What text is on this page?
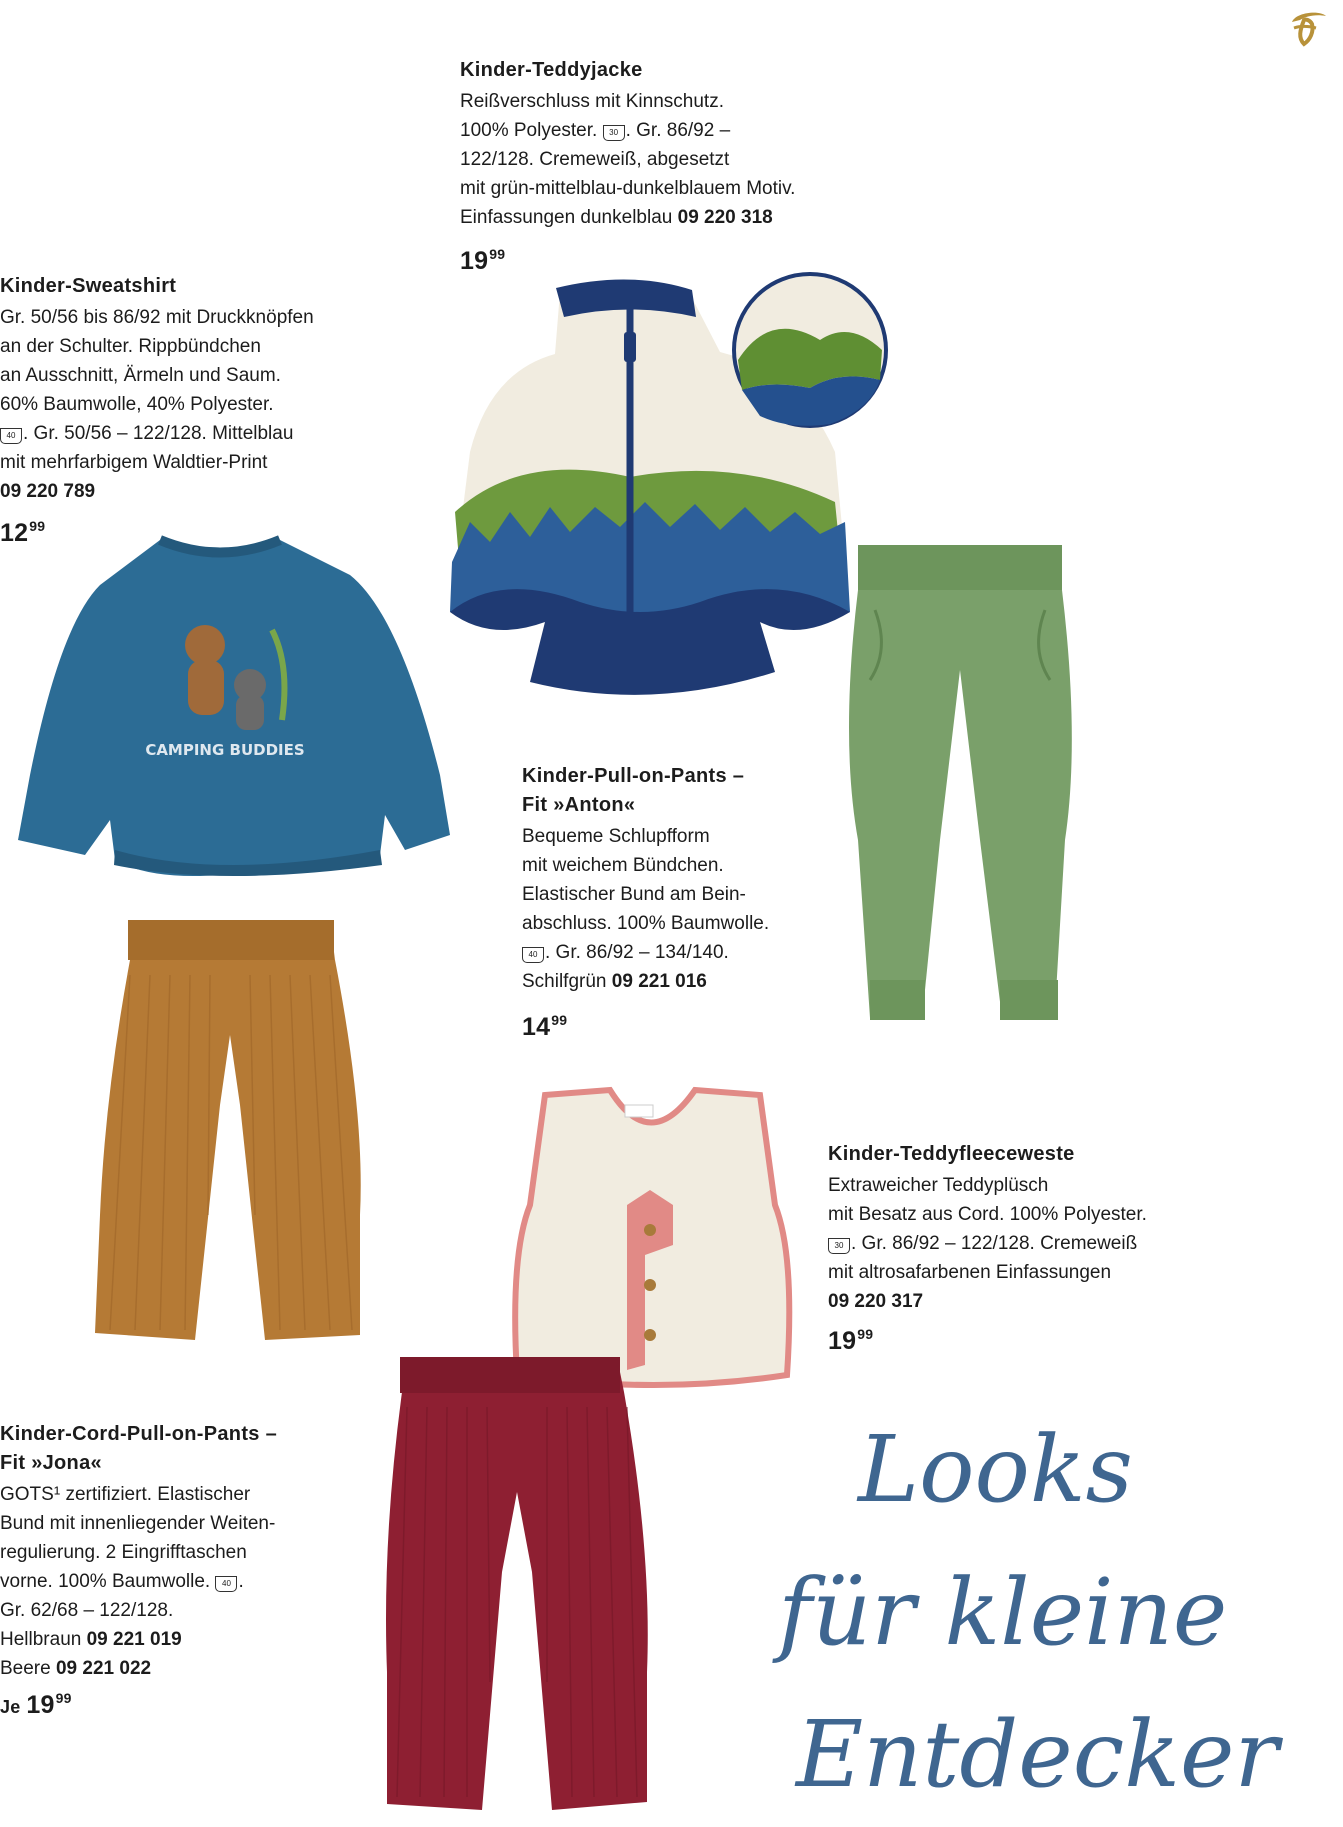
Kinder-Teddyjacke
Reißverschluss mit Kinnschutz.
100% Polyester. 30 . Gr. 86/92 –
122/128. Cremeweiß, abgesetzt
mit grün-mittelblau-dunkelblauem Motiv.
Einfassungen dunkelblau 09 220 318
$19^{99}$
Kinder-Sweatshirt
Gr. 50/56 bis 86/92 mit Druckknöpfen
an der Schulter. Rippbündchen
an Ausschnitt, Ärmeln und Saum.
60% Baumwolle, 40% Polyester.
40 . Gr. 50/56 – 122/128. Mittelblau
mit mehrfarbigem Waldtier-Print
09 220 789
$12^{99}$
CAMPING BUDDIES
Kinder-Pull-on-Pants –
Fit »Anton«
Bequeme Schlupfform
mit weichem Bündchen.
Elastischer Bund am Bein-
abschluss. 100% Baumwolle.
40 . Gr. 86/92 – 134/140.
Schilfgrün 09 221 016
$14^{99}$
Kinder-Teddyfleeceweste
Extraweicher Teddyplüsch
mit Besatz aus Cord. 100% Polyester.
30 . Gr. 86/92 – 122/128. Cremeweiß
mit altrosafarbenen Einfassungen
09 220 317
$19^{99}$
Kinder-Cord-Pull-on-Pants –
Fit »Jona«
GOTS¹ zertifiziert. Elastischer
Bund mit innenliegender Weiten-
regulierung. 2 Eingrifftaschen
vorne. 100% Baumwolle. 40 .
Gr. 62/68 – 122/128.
Hellbraun 09 221 019
Beere 09 221 022
Je $19^{99}$
Looks
für kleine
Entdecker
